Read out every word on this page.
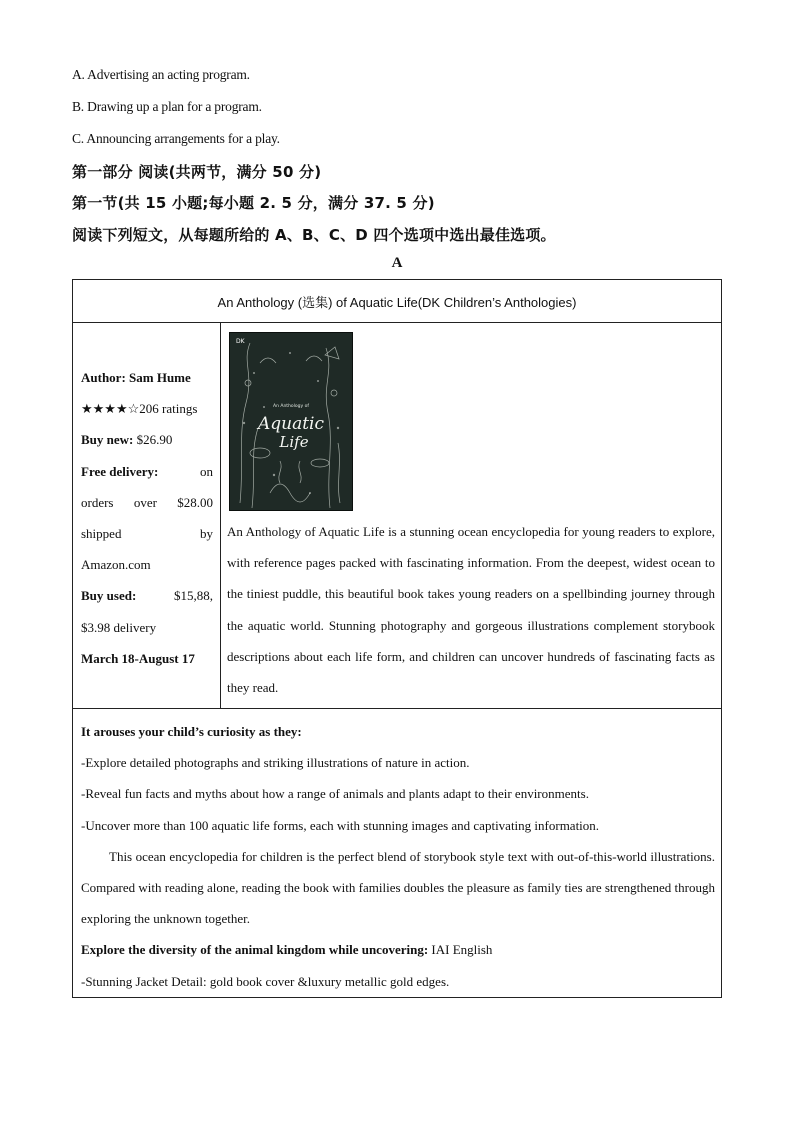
A. Advertising an acting program.
B. Drawing up a plan for a program.
C. Announcing arrangements for a play.
第一部分 阅读(共两节，满分 50 分)
第一节(共 15 小题;每小题 2. 5 分，满分 37. 5 分)
阅读下列短文，从每题所给的 A、B、C、D 四个选项中选出最佳选项。
A
An Anthology (选集) of Aquatic Life(DK Children’s Anthologies)
Author: Sam Hume
★★★★☆206 ratings
Buy new: $26.90
Free delivery:	on
orders over $28.00
shipped	by
Amazon.com
Buy used:	$15,88,
$3.98 delivery
March 18-August 17
DK
An Anthology of
Aquatic
Life
An Anthology of Aquatic Life is a stunning ocean encyclopedia for young readers to explore, with reference pages packed with fascinating information. From the deepest, widest ocean to the tiniest puddle, this beautiful book takes young readers on a spellbinding journey through the aquatic world. Stunning photography and gorgeous illustrations complement storybook descriptions about each life form, and children can uncover hundreds of fascinating facts as they read.

It arouses your child’s curiosity as they:

-Explore detailed photographs and striking illustrations of nature in action.

-Reveal fun facts and myths about how a range of animals and plants adapt to their environments.

-Uncover more than 100 aquatic life forms, each with stunning images and captivating information.

This ocean encyclopedia for children is the perfect blend of storybook style text with out-of-this-world illustrations. Compared with reading alone, reading the book with families doubles the pleasure as family ties are strengthened through exploring the unknown together.

Explore the diversity of the animal kingdom while uncovering: IAI English

-Stunning Jacket Detail: gold book cover &luxury metallic gold edges.
